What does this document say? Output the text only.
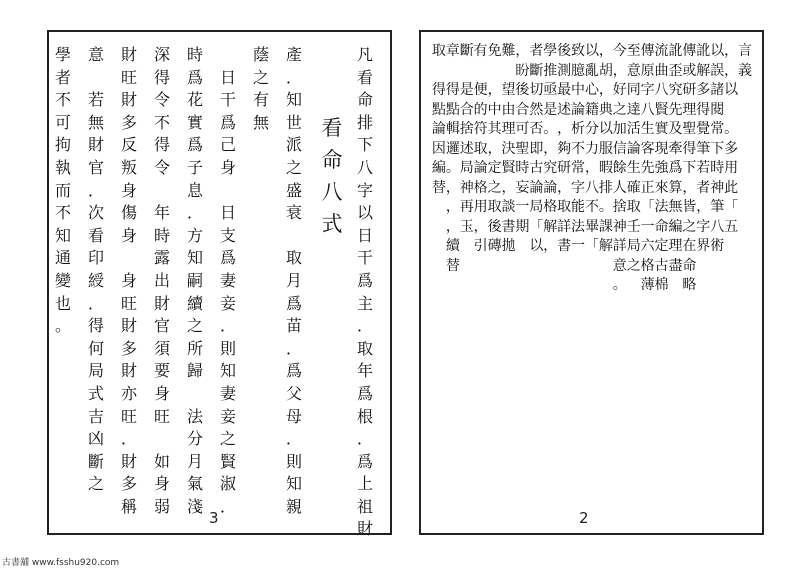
看
命
八
式
凡
看
命
排
下
八
字
以
日
干
爲
主
．
取
年
爲
根
．
爲
上
祖
財
產
．
知
世
派
之
盛
衰

取
月
爲
苗
．
爲
父
母
．
則
知
親
蔭
之
有
無

日
干
爲
己
身

日
支
爲
妻
妾
．
則
知
妻
妾
之
賢
淑
．
時
爲
花
實
爲
子
息
．
方
知
嗣
續
之
所
歸

法
分
月
氣
淺
深
得
令
不
得
令

年
時
露
出
財
官
須
要
身
旺

如
身
弱
財
旺
財
多
反
叛
身
傷
身

身
旺
財
多
財
亦
旺
．
財
多
稱
意

若
無
財
官
．
次
看
印
綬
．
得
何
局
式
吉
凶
斷
之
學
者
不
可
拘
執
而
不
知
通
變
也
。
3
言
義
，
，
以

。
多
用
此
「
五
以
誤
諸
閱
常
下
時
神
筆
八
術
訛
解
多
得
覺
筆
若
者
，
字
界
傳
或
研
理
聖
得
下
，
皆
之
在
命
略
訛
歪
究
先
及
牽
爲
算
無
編
理
盡
流
曲
八
賢
實
現
強
來
法
命
定
古
棉
傳
原
字
八
生
客
先
正
「
一
六
格
薄
至
意
同
達
活
論
生
確
取
壬
局
之
今
，
好
之
加
信
餘
人
捨
神
詳
意
。
，
胡
，
典
以
服
暇
排
。
課
解
以
亂
心
籍
分
力
，
八
不
畢
「
致
臆
中
論
析
不
常
字
能
法
一
後
測
最
述
，
夠
研
，
取
詳
書
學
推
亟
是
。
，
究
論
格
解
，
者
斷
切
然
否
即
古
論
局
「
以
，
盼
後
合
可
聖
時
妄
一
期
難

望
由
理
決
賢
，
談
書
拋
免

，
中
其
，
定
之
取
後
磚
有

便
的
符
取
論
格
用
，
引
斷

是
合
捨
述
局
神
再
玉
章

得
點
輯
邏
。
，
，
，
續
替
取

得
點
論
因
編
替
2
古書舖 www.fsshu920.com
